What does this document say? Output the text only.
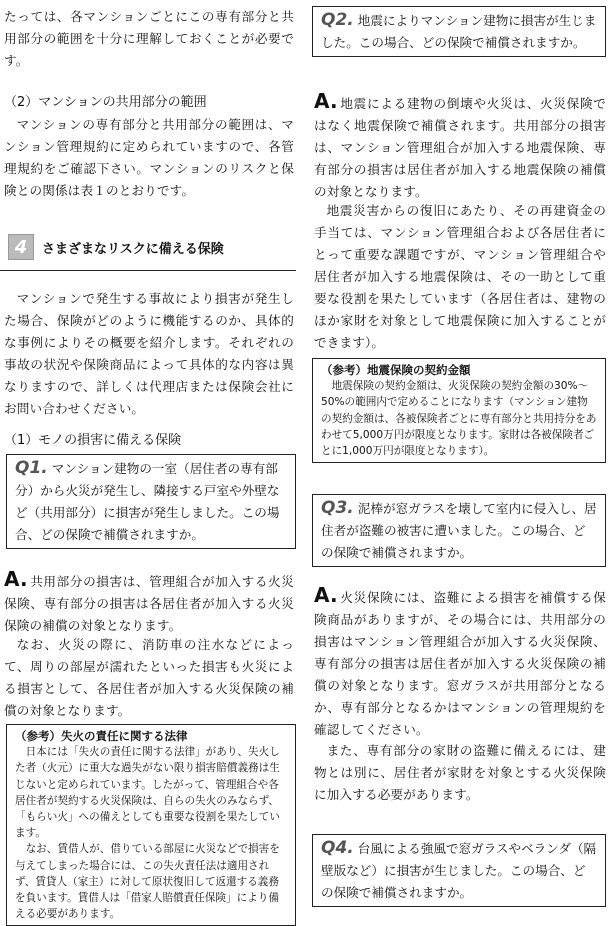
たっては、各マンションごとにこの専有部分と共用部分の範囲を十分に理解しておくことが必要です。

（2）マンションの共用部分の範囲

マンションの専有部分と共用部分の範囲は、マンション管理規約に定められていますので、各管理規約をご確認下さい。マンションのリスクと保険との関係は表１のとおりです。

4	さまざまなリスクに備える保険

マンションで発生する事故により損害が発生した場合、保険がどのように機能するのか、具体的な事例によりその概要を紹介します。それぞれの事故の状況や保険商品によって具体的な内容は異なりますので、詳しくは代理店または保険会社にお問い合わせください。

（1）モノの損害に備える保険

Q1. マンション建物の一室（居住者の専有部分）から火災が発生し、隣接する戸室や外壁など（共用部分）に損害が発生しました。この場合、どの保険で補償されますか。

A. 共用部分の損害は、管理組合が加入する火災保険、専有部分の損害は各居住者が加入する火災保険の補償の対象となります。

なお、火災の際に、消防車の注水などによって、周りの部屋が濡れたといった損害も火災による損害として、各居住者が加入する火災保険の補償の対象となります。

（参考）失火の責任に関する法律
日本には「失火の責任に関する法律」があり、失火した者（火元）に重大な過失がない限り損害賠償義務は生じないと定められています。したがって、管理組合や各居住者が契約する火災保険は、自らの失火のみならず、「もらい火」への備えとしても重要な役割を果たしています。
なお、賃借人が、借りている部屋に火災などで損害を与えてしまった場合には、この失火責任法は適用されず、賃貸人（家主）に対して原状復旧して返還する義務を負います。賃借人は「借家人賠償責任保険」により備える必要があります。
Q2. 地震によりマンション建物に損害が生じました。この場合、どの保険で補償されますか。

A. 地震による建物の倒壊や火災は、火災保険ではなく地震保険で補償されます。共用部分の損害は、マンション管理組合が加入する地震保険、専有部分の損害は居住者が加入する地震保険の補償の対象となります。

地震災害からの復旧にあたり、その再建資金の手当ては、マンション管理組合および各居住者にとって重要な課題ですが、マンション管理組合や居住者が加入する地震保険は、その一助として重要な役割を果たしています（各居住者は、建物のほか家財を対象として地震保険に加入することができます）。

（参考）地震保険の契約金額
地震保険の契約金額は、火災保険の契約金額の30%～50%の範囲内で定めることになります（マンション建物の契約金額は、各被保険者ごとに専有部分と共用持分をあわせて5,000万円が限度となります。家財は各被保険者ごとに1,000万円が限度となります）。
Q3. 泥棒が窓ガラスを壊して室内に侵入し、居住者が盗難の被害に遭いました。この場合、どの保険で補償されますか。

A. 火災保険には、盗難による損害を補償する保険商品がありますが、その場合には、共用部分の損害はマンション管理組合が加入する火災保険、専有部分の損害は居住者が加入する火災保険の補償の対象となります。窓ガラスが共用部分となるか、専有部分となるかはマンションの管理規約を確認してください。

また、専有部分の家財の盗難に備えるには、建物とは別に、居住者が家財を対象とする火災保険に加入する必要があります。

Q4. 台風による強風で窓ガラスやベランダ（隔壁版など）に損害が生じました。この場合、どの保険で補償されますか。
